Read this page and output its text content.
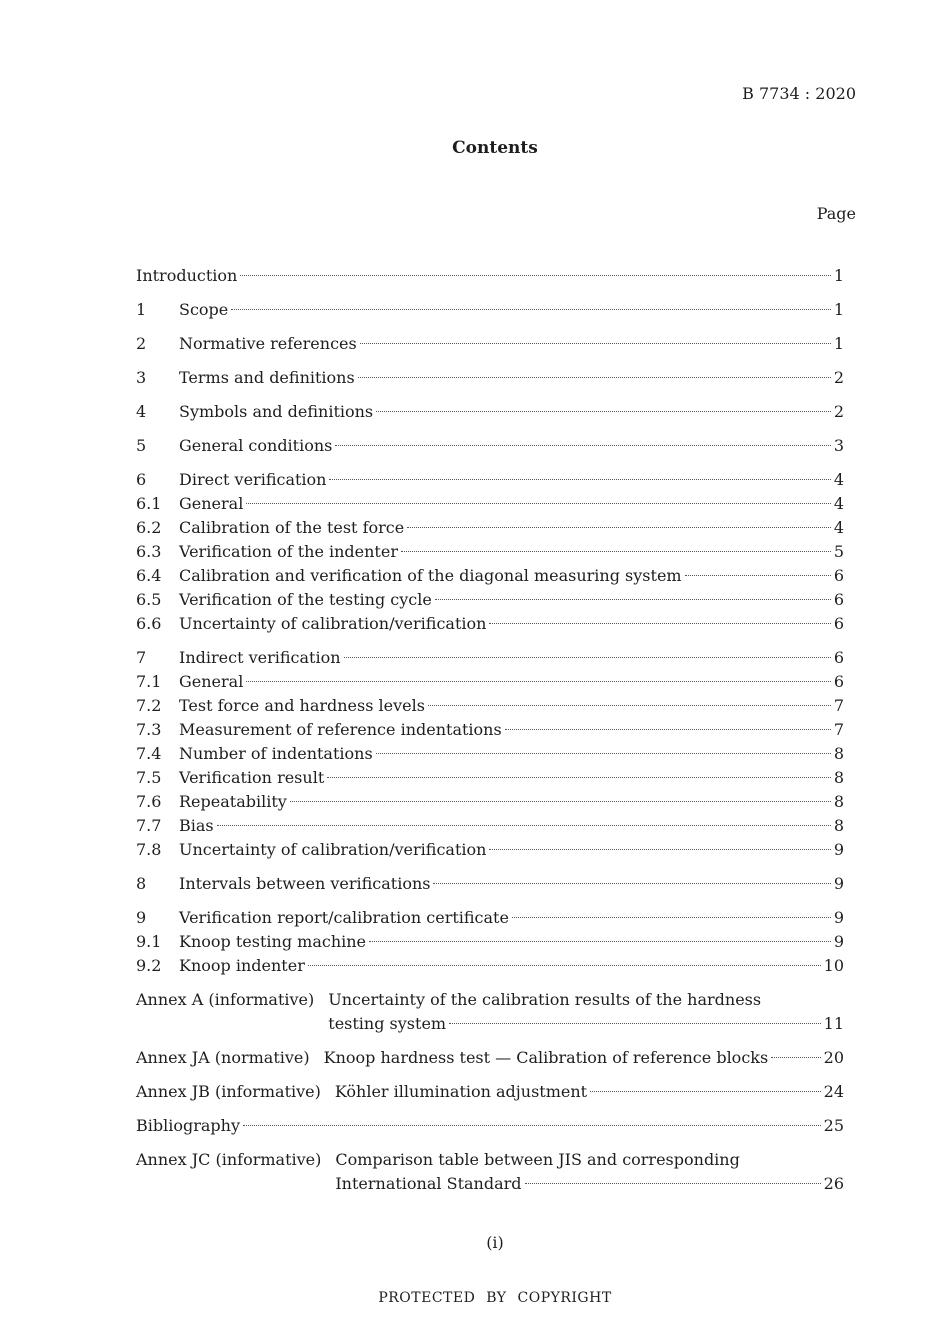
B 7734 : 2020
Contents
Page
Introduction	1
1	Scope	1
2	Normative references	1
3	Terms and definitions	2
4	Symbols and definitions	2
5	General conditions	3
6	Direct verification	4
6.1	General	4
6.2	Calibration of the test force	4
6.3	Verification of the indenter	5
6.4	Calibration and verification of the diagonal measuring system	6
6.5	Verification of the testing cycle	6
6.6	Uncertainty of calibration/verification	6
7	Indirect verification	6
7.1	General	6
7.2	Test force and hardness levels	7
7.3	Measurement of reference indentations	7
7.4	Number of indentations	8
7.5	Verification result	8
7.6	Repeatability	8
7.7	Bias	8
7.8	Uncertainty of calibration/verification	9
8	Intervals between verifications	9
9	Verification report/calibration certificate	9
9.1	Knoop testing machine	9
9.2	Knoop indenter	10
Annex A (informative) Uncertainty of the calibration results of the hardness
testing system	11
Annex JA (normative) Knoop hardness test — Calibration of reference blocks	20
Annex JB (informative) Köhler illumination adjustment	24
Bibliography	25
Annex JC (informative) Comparison table between JIS and corresponding
International Standard	26
(i)
PROTECTED BY COPYRIGHT
